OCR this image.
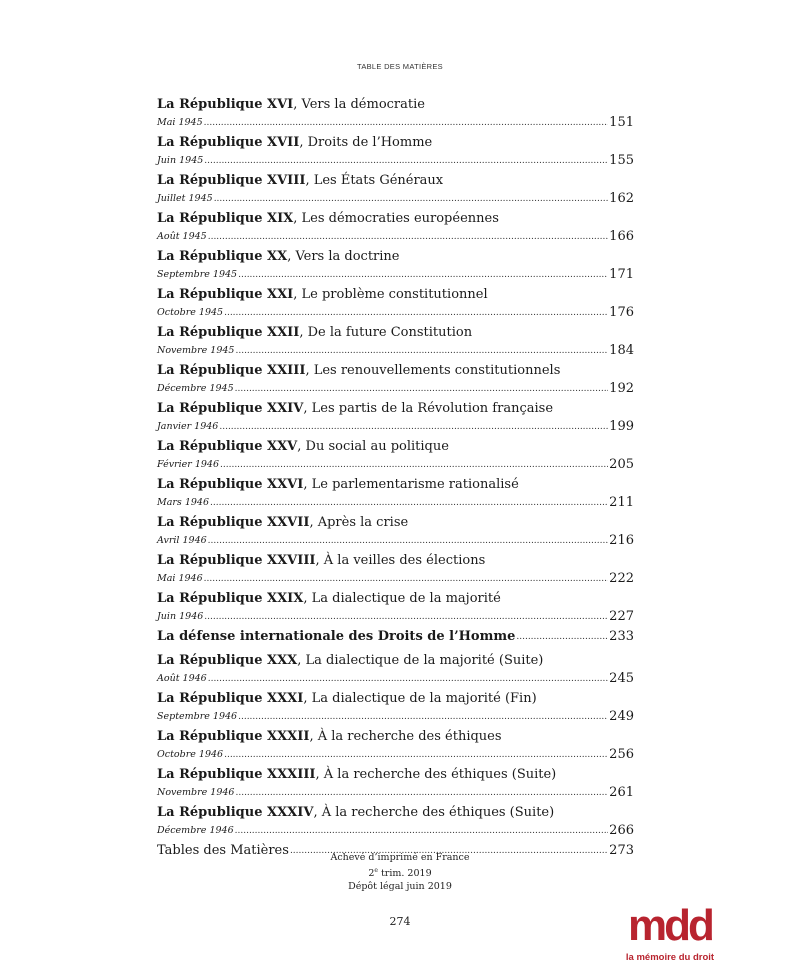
TABLE DES MATIÈRES
La République XVI, Vers la démocratie
Mai 1945 .....	151
La République XVII, Droits de l’Homme
Juin 1945 .....	155
La République XVIII, Les États Généraux
Juillet 1945 .....	162
La République XIX, Les démocraties européennes
Août 1945 .....	166
La République XX, Vers la doctrine
Septembre 1945 .....	171
La République XXI, Le problème constitutionnel
Octobre 1945 .....	176
La République XXII, De la future Constitution
Novembre 1945 .....	184
La République XXIII, Les renouvellements constitutionnels
Décembre 1945 .....	192
La République XXIV, Les partis de la Révolution française
Janvier 1946 .....	199
La République XXV, Du social au politique
Février 1946 .....	205
La République XXVI, Le parlementarisme rationalisé
Mars 1946 .....	211
La République XXVII, Après la crise
Avril 1946 .....	216
La République XXVIII, À la veilles des élections
Mai 1946 .....	222
La République XXIX, La dialectique de la majorité
Juin 1946 .....	227
La défense internationale des Droits de l’Homme .....	233
La République XXX, La dialectique de la majorité (Suite)
Août 1946 .....	245
La République XXXI, La dialectique de la majorité (Fin)
Septembre 1946 .....	249
La République XXXII, À la recherche des éthiques
Octobre 1946 .....	256
La République XXXIII, À la recherche des éthiques (Suite)
Novembre 1946 .....	261
La République XXXIV, À la recherche des éthiques (Suite)
Décembre 1946 .....	266
Tables des Matières .....	273
Achevé d’imprimé en France
2e trim. 2019
Dépôt légal juin 2019
274	mdd
la mémoire du droit
